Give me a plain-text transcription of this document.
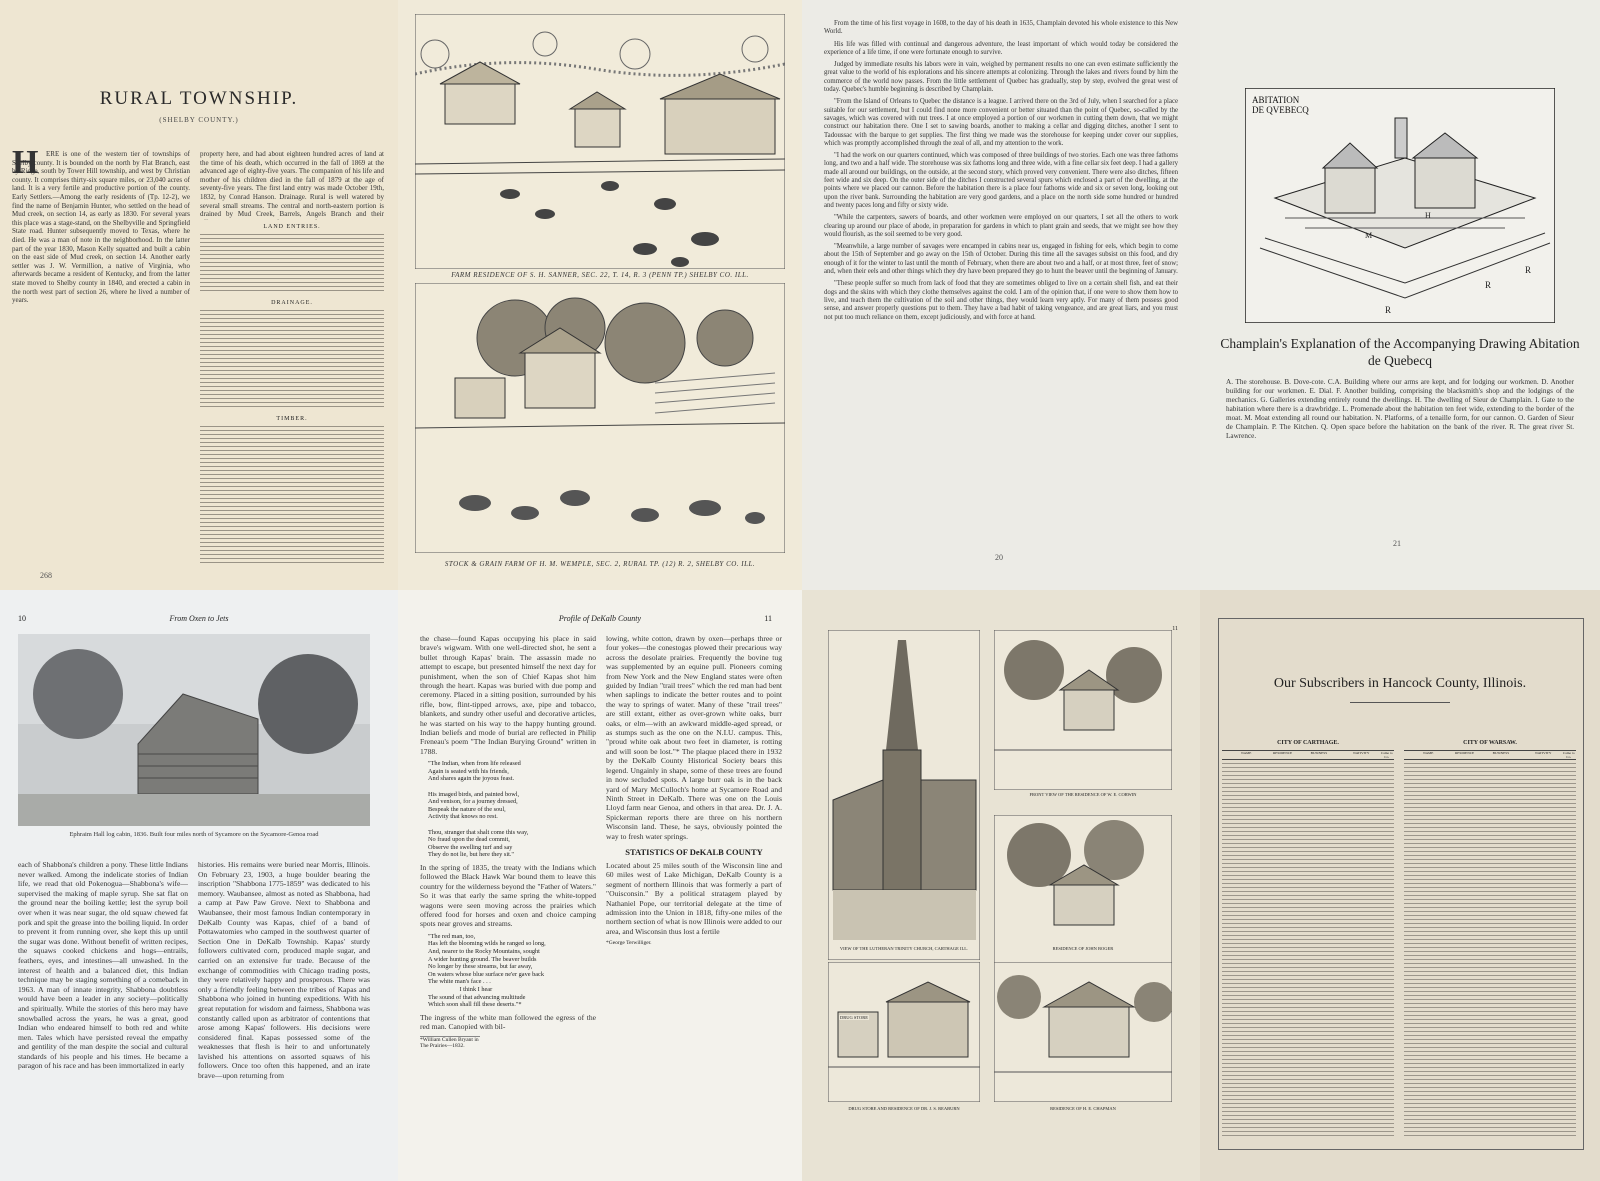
RURAL TOWNSHIP.
(SHELBY COUNTY.)
H	ERE is one of the western tier of townships of Shelby county. It is bounded on the north by Flat Branch, east by Ridge, south by Tower Hill township, and west by Christian county. It comprises thirty-six square miles, or 23,040 acres of land. It is a very fertile and productive portion of the county. Early Settlers.—Among the early residents of (Tp. 12-2), we find the name of Benjamin Hunter, who settled on the head of Mud creek, on section 14, as early as 1830. For several years this place was a stage-stand, on the Shelbyville and Springfield State road. Hunter subsequently moved to Texas, where he died. He was a man of note in the neighborhood. In the latter part of the year 1830, Mason Kelly squatted and built a cabin on the east side of Mud creek, on section 14. Another early settler was J. W. Vermillion, a native of Virginia, who afterwards became a resident of Kentucky, and from the latter state moved to Shelby county in 1840, and erected a cabin in the north west part of section 26, where he lived a number of years.
property here, and had about eighteen hundred acres of land at the time of his death, which occurred in the fall of 1869 at the advanced age of eighty-five years. The companion of his life and mother of his children died in the fall of 1879 at the age of seventy-five years. The first land entry was made October 19th, 1832, by Conrad Hanson. Drainage. Rural is well watered by several small streams. The central and north-eastern portion is drained by Mud Creek, Barrels, Angels Branch and their
LAND ENTRIES.
DRAINAGE.
TIMBER.
268
FARM RESIDENCE OF S. H. SANNER, SEC. 22, T. 14, R. 3 (PENN TP.) SHELBY CO. ILL.
STOCK & GRAIN FARM OF H. M. WEMPLE, SEC. 2, RURAL TP. (12) R. 2, SHELBY CO. ILL.

From the time of his first voyage in 1608, to the day of his death in 1635, Champlain devoted his whole existence to this New World.

His life was filled with continual and dangerous adventure, the least important of which would today be considered the experience of a life time, if one were fortunate enough to survive.

Judged by immediate results his labors were in vain, weighed by permanent results no one can even estimate sufficiently the great value to the world of his explorations and his sincere attempts at colonizing. Through the lakes and rivers found by him the commerce of the world now passes. From the little settlement of Quebec has gradually, step by step, evolved the great west of today. Quebec's humble beginning is described by Champlain.

"From the Island of Orleans to Quebec the distance is a league. I arrived there on the 3rd of July, when I searched for a place suitable for our settlement, but I could find none more convenient or better situated than the point of Quebec, so-called by the savages, which was covered with nut trees. I at once employed a portion of our workmen in cutting them down, that we might construct our habitation there. One I set to sawing boards, another to making a cellar and digging ditches, another I sent to Tadoussac with the barque to get supplies. The first thing we made was the storehouse for keeping under cover our supplies, which was promptly accomplished through the zeal of all, and my attention to the work.

"I had the work on our quarters continued, which was composed of three buildings of two stories. Each one was three fathoms long, and two and a half wide. The storehouse was six fathoms long and three wide, with a fine cellar six feet deep. I had a gallery made all around our buildings, on the outside, at the second story, which proved very convenient. There were also ditches, fifteen feet wide and six deep. On the outer side of the ditches I constructed several spurs which enclosed a part of the dwelling, at the points where we placed our cannon. Before the habitation there is a place four fathoms wide and six or seven long, looking out upon the river bank. Surrounding the habitation are very good gardens, and a place on the north side some hundred or hundred and twenty paces long and fifty or sixty wide.

"While the carpenters, sawers of boards, and other workmen were employed on our quarters, I set all the others to work clearing up around our place of abode, in preparation for gardens in which to plant grain and seeds, that we might see how they would flourish, as the soil seemed to be very good.

"Meanwhile, a large number of savages were encamped in cabins near us, engaged in fishing for eels, which begin to come about the 15th of September and go away on the 15th of October. During this time all the savages subsist on this food, and dry enough of it for the winter to last until the month of February, when there are about two and a half, or at most three, feet of snow; and, when their eels and other things which they dry have been prepared they go to hunt the beaver until the beginning of January.

"These people suffer so much from lack of food that they are sometimes obliged to live on a certain shell fish, and eat their dogs and the skins with which they clothe themselves against the cold. I am of the opinion that, if one were to show them how to live, and teach them the cultivation of the soil and other things, they would learn very aptly. For many of them possess good sense, and answer properly questions put to them. They have a bad habit of taking vengeance, and are great liars, and you must not put too much reliance on them, except judiciously, and with force at hand.

20
R
R
R
M
H
ABITATION DE QVEBECQ
Champlain's Explanation of the Accompanying Drawing Abitation de Quebecq
A. The storehouse. B. Dove-cote. C.A. Building where our arms are kept, and for lodging our workmen. D. Another building for our workmen. E. Dial. F. Another building, comprising the blacksmith's shop and the lodgings of the mechanics. G. Galleries extending entirely round the dwellings. H. The dwelling of Sieur de Champlain. I. Gate to the habitation where there is a drawbridge. L. Promenade about the habitation ten feet wide, extending to the border of the moat. M. Moat extending all round our habitation. N. Platforms, of a tenaille form, for our cannon. O. Garden of Sieur de Champlain. P. The Kitchen. Q. Open space before the habitation on the bank of the river. R. The great river St. Lawrence.
21
10	From Oxen to Jets
Ephraim Hall log cabin, 1836. Built four miles north of Sycamore on the Sycamore-Genoa road
each of Shabbona's children a pony. These little Indians never walked. Among the indelicate stories of Indian life, we read that old Pokenogua—Shabbona's wife—supervised the making of maple syrup. She sat flat on the ground near the boiling kettle; lest the syrup boil over when it was near sugar, the old squaw chewed fat pork and spit the grease into the boiling liquid. In order to prevent it from running over, she kept this up until the sugar was done. Without benefit of written recipes, the squaws cooked chickens and hogs—entrails, feathers, eyes, and intestines—all unwashed. In the interest of health and a balanced diet, this Indian technique may be staging something of a comeback in 1963. A man of innate integrity, Shabbona doubtless would have been a leader in any society—politically and spiritually. While the stories of this hero may have snowballed across the years, he was a great, good Indian who endeared himself to both red and white men. Tales which have persisted reveal the empathy and gentility of the man despite the social and cultural standards of his people and his times. He became a paragon of his race and has been immortalized in early
histories. His remains were buried near Morris, Illinois. On February 23, 1903, a huge boulder bearing the inscription "Shabbona 1775-1859" was dedicated to his memory. Waubansee, almost as noted as Shabbona, had a camp at Paw Paw Grove. Next to Shabbona and Waubansee, their most famous Indian contemporary in DeKalb County was Kapas, chief of a band of Pottawatomies who camped in the southwest quarter of Section One in DeKalb Township. Kapas' sturdy followers cultivated corn, produced maple sugar, and carried on an extensive fur trade. Because of the exchange of commodities with Chicago trading posts, they were relatively happy and prosperous. There was only a friendly feeling between the tribes of Kapas and Shabbona who joined in hunting expeditions. With his great reputation for wisdom and fairness, Shabbona was constantly called upon as arbitrator of contentions that arose among Kapas' followers. His decisions were considered final. Kapas possessed some of the weaknesses that flesh is heir to and unfortunately lavished his attentions on assorted squaws of his followers. Once too often this happened, and an irate brave—upon returning from
Profile of DeKalb County	11
the chase—found Kapas occupying his place in said brave's wigwam. With one well-directed shot, he sent a bullet through Kapas' brain. The assassin made no attempt to escape, but presented himself the next day for punishment, when the son of Chief Kapas shot him through the heart. Kapas was buried with due pomp and ceremony. Placed in a sitting position, surrounded by his rifle, bow, flint-tipped arrows, axe, pipe and tobacco, blankets, and sundry other useful and decorative articles, he was started on his way to the happy hunting ground. Indian beliefs and mode of burial are reflected in Philip Freneau's poem "The Indian Burying Ground" written in 1788.
"The Indian, when from life released
Again is seated with his friends,
And shares again the joyous feast.

His imaged birds, and painted bowl,
And venison, for a journey dressed,
Bespeak the nature of the soul,
Activity that knows no rest.

Thou, stranger that shalt come this way,
No fraud upon the dead commit,
Observe the swelling turf and say
They do not lie, but here they sit."
In the spring of 1835, the treaty with the Indians which followed the Black Hawk War bound them to leave this country for the wilderness beyond the "Father of Waters." So it was that early the same spring the white-topped wagons were seen moving across the prairies which offered food for horses and oxen and choice camping spots near groves and streams.
"The red man, too,
Has left the blooming wilds he ranged so long,
And, nearer to the Rocky Mountains, sought
A wider hunting ground. The beaver builds
No longer by these streams, but far away,
On waters whose blue surface ne'er gave back
The white man's face . . .
I think I hear
The sound of that advancing multitude
Which soon shall fill these deserts."*
The ingress of the white man followed the egress of the red man. Canopied with bil-
*William Cullen Bryant in The Prairies—1832.
lowing, white cotton, drawn by oxen—perhaps three or four yokes—the conestogas plowed their precarious way across the desolate prairies. Frequently the bovine tug was supplemented by an equine pull. Pioneers coming from New York and the New England states were often guided by Indian "trail trees" which the red man had bent when saplings to indicate the better routes and to point the way to springs of water. Many of these "trail trees" are still extant, either as over-grown white oaks, burr oaks, or elm—with an awkward middle-aged spread, or as stumps such as the one on the N.I.U. campus. This, "proud white oak about two feet in diameter, is rotting and will soon be lost."* The plaque placed there in 1932 by the DeKalb County Historical Society bears this legend. Ungainly in shape, some of these trees are found in now secluded spots. A large burr oak is in the back yard of Mary McCulloch's home at Sycamore Road and Ninth Street in DeKalb. There was one on the Louis Lloyd farm near Genoa, and others in that area. Dr. J. A. Spickerman reports there are three on his northern Wisconsin land. These, he says, obviously pointed the way to fresh water springs.
STATISTICS OF DeKALB COUNTY
Located about 25 miles south of the Wisconsin line and 60 miles west of Lake Michigan, DeKalb County is a segment of northern Illinois that was formerly a part of "Ouisconsin." By a political stratagem played by Nathaniel Pope, our territorial delegate at the time of admission into the Union in 1818, fifty-one miles of the northern section of what is now Illinois were added to our area, and Wisconsin thus lost a fertile
*George Terwilliger.
11
FRONT VIEW OF THE RESIDENCE OF W. E. CORWIN
RESIDENCE OF JOHN BOGER
VIEW OF THE LUTHERAN TRINITY CHURCH, CARTHAGE ILL.
DRUG STORE
DRUG STORE AND RESIDENCE OF DR. J. S. REABURN	RESIDENCE OF H. E. CHAPMAN
Our Subscribers in Hancock County, Illinois.
CITY OF CARTHAGE.	CITY OF WARSAW.
NAME	RESIDENCE	BUSINESS	NATIVITY	Came to Co.
NAME	RESIDENCE	BUSINESS	NATIVITY	Came to Co.
